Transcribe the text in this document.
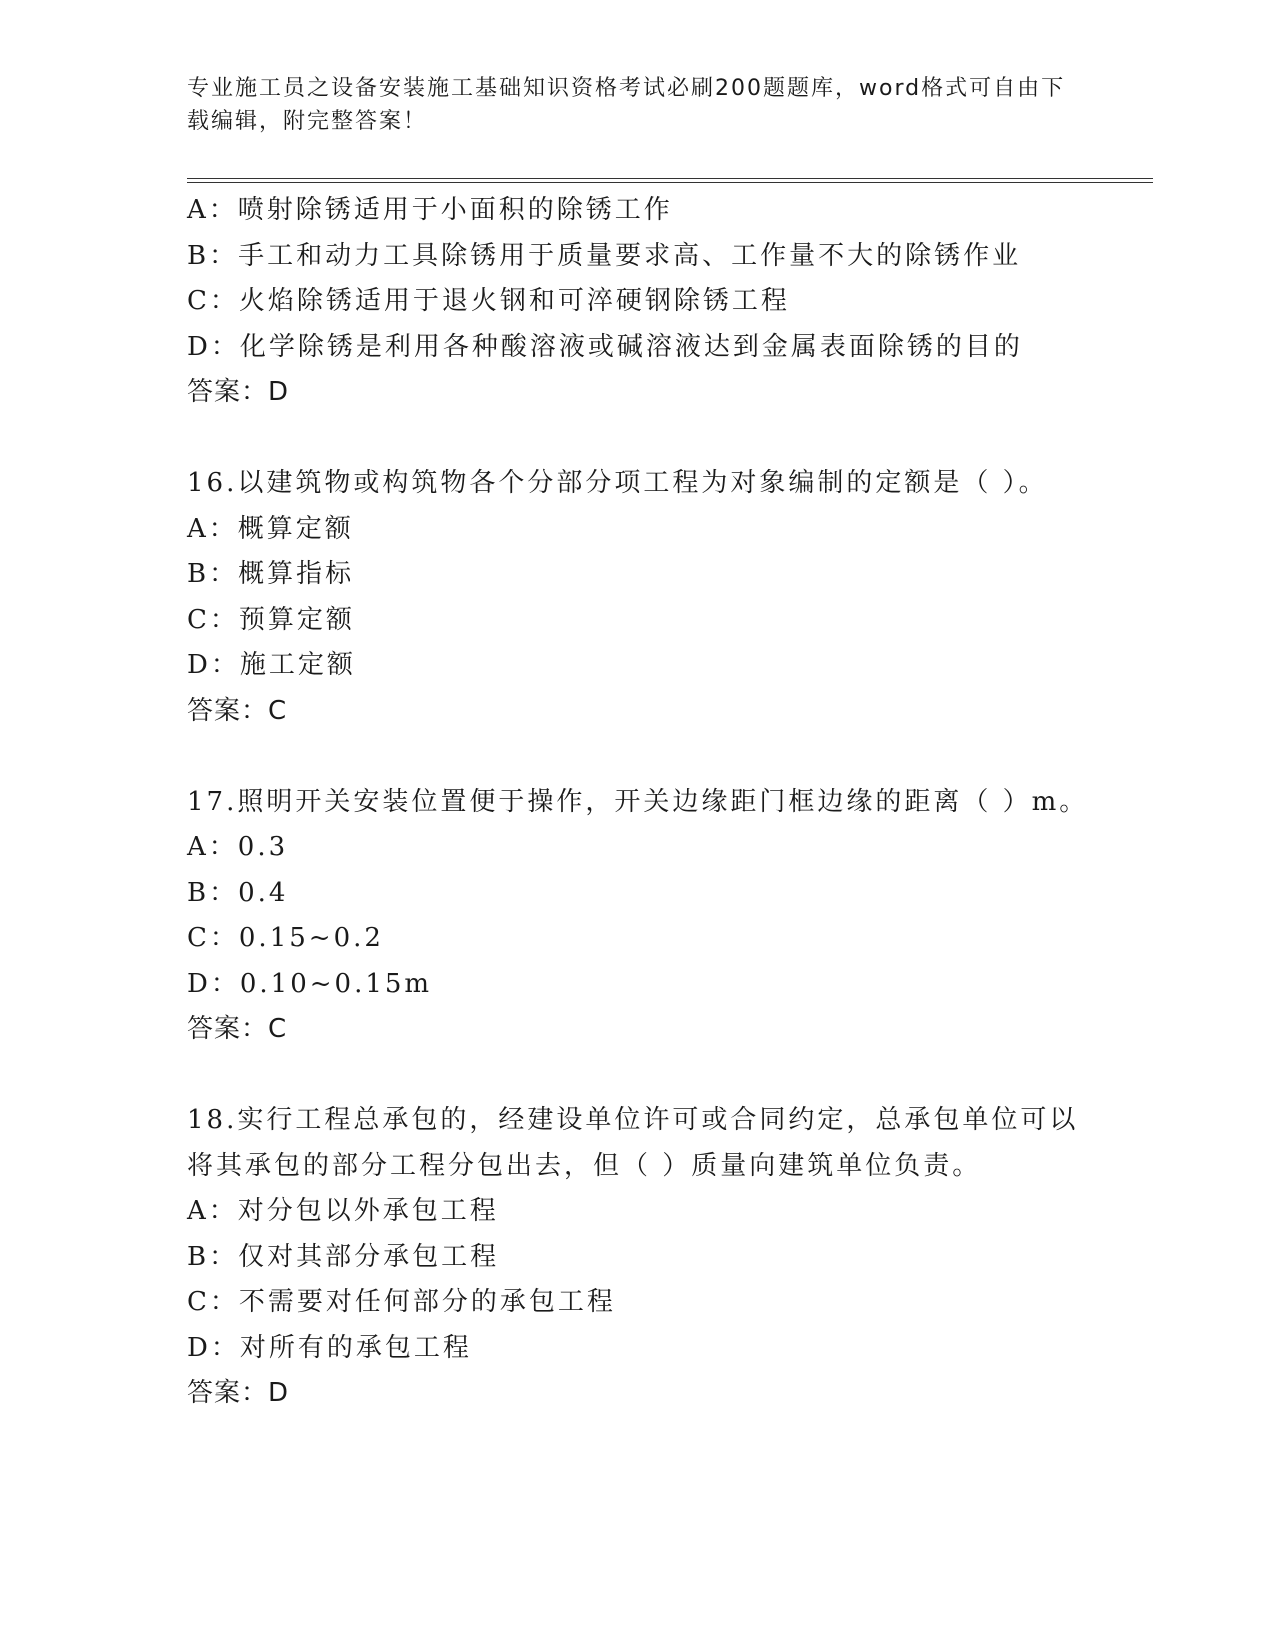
专业施工员之设备安装施工基础知识资格考试必刷200题题库，word格式可自由下载编辑，附完整答案！
A：喷射除锈适用于小面积的除锈工作
B：手工和动力工具除锈用于质量要求高、工作量不大的除锈作业
C：火焰除锈适用于退火钢和可淬硬钢除锈工程
D：化学除锈是利用各种酸溶液或碱溶液达到金属表面除锈的目的
答案：D
16.以建筑物或构筑物各个分部分项工程为对象编制的定额是（ ）。
A：概算定额
B：概算指标
C：预算定额
D：施工定额
答案：C
17.照明开关安装位置便于操作，开关边缘距门框边缘的距离（ ）m。
A：0.3
B：0.4
C：0.15~0.2
D：0.10~0.15m
答案：C
18.实行工程总承包的，经建设单位许可或合同约定，总承包单位可以
将其承包的部分工程分包出去，但（ ）质量向建筑单位负责。
A：对分包以外承包工程
B：仅对其部分承包工程
C：不需要对任何部分的承包工程
D：对所有的承包工程
答案：D
